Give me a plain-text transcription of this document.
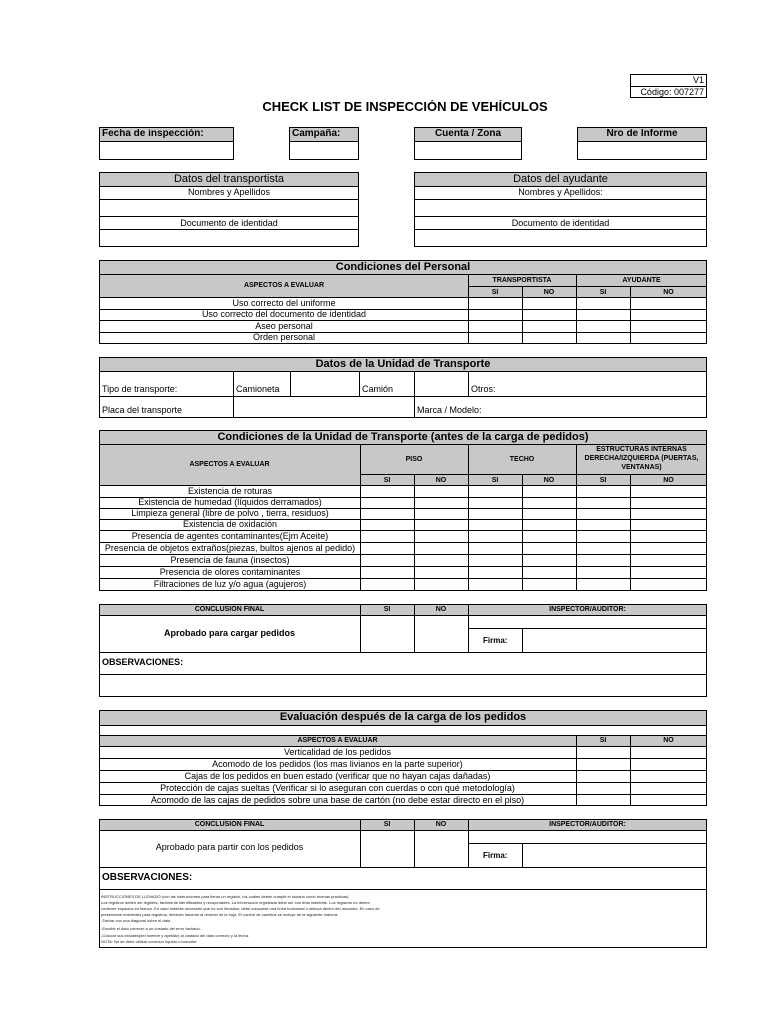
V1
Código: 007277
CHECK LIST DE INSPECCIÓN DE VEHÍCULOS
Fecha de inspección:	Campaña:	Cuenta / Zona	Nro de Informe
Datos del transportista
Nombres y Apellidos
Documento de identidad
Datos del ayudante
Nombres y Apellidos:
Documento de identidad
Condiciones del Personal
ASPECTOS A EVALUAR
TRANSPORTISTA	AYUDANTE
SI	NO	SI	NO
Uso correcto del uniforme
Uso correcto del documento de identidad
Aseo personal
Orden personal
Datos de la Unidad de Transporte
Tipo de transporte:	Camioneta	Camión	Otros:
Placa del transporte	Marca / Modelo:
Condiciones de la Unidad de Transporte (antes de la carga de pedidos)
ASPECTOS A EVALUAR
PISO	TECHO
ESTRUCTURAS INTERNAS DERECHA/IZQUIERDA (PUERTAS, VENTANAS)
SI	NO	SI	NO	SI	NO
Existencia de roturas
Existencia de humedad (líquidos derramados)
Limpieza general (libre de polvo , tierra, residuos)
Existencia de oxidación
Presencia de agentes contaminantes(Ejm Aceite)
Presencia de objetos extraños(piezas, bultos ajenos al pedido)
Presencia de fauna (insectos)
Presencia de olores contaminantes
Filtraciones de luz y/o agua (agujeros)
CONCLUSION FINAL	SI	NO	INSPECTOR/AUDITOR:
Aprobado para cargar pedidos
Firma:
OBSERVACIONES:
Evaluación después de la carga de los pedidos
ASPECTOS A EVALUAR	SI	NO
Verticalidad de los pedidos
Acomodo de los pedidos (los mas livianos en la parte superior)
Cajas de los pedidos en buen estado (verificar que no hayan cajas dañadas)
Protección de cajas sueltas (Verificar si lo aseguran con cuerdas o con qué metodología)
Acomodo de las cajas de pedidos sobre una base de cartón (no debe estar directo en el piso)
CONCLUSION FINAL	SI	NO	INSPECTOR/AUDITOR:
Aprobado para partir con los pedidos
Firma:
OBSERVACIONES:
INSTRUCCIONES DE LLENADO (con las instrucciones para llenar un registro, los cuales deben cumplir el usuario como buenas prácticas)
Los registros deben ser legibles, fácilmente identificables y recuperables. La información registrada debe ser con tinta indeleble. Los registros no deben
contener espacios en blanco. En caso hubiese necesario que no son llenados, debe colocarse una línea horizontal u oblicua dentro del recuadro. En caso de
presentarse incidentes para registros, deberán hacerse al reverso de la hoja. El control de cambios se incluye de la siguiente manera:
-Tachar con una diagonal sobre el dato.
-Escribir el dato correcto a un costado del error tachado.
-Colocar sus iniciales(del nombre y apellido) al costado del dato correcto y la fecha.
NOTA: No se debe utilizar corrector líquido o borrador.
